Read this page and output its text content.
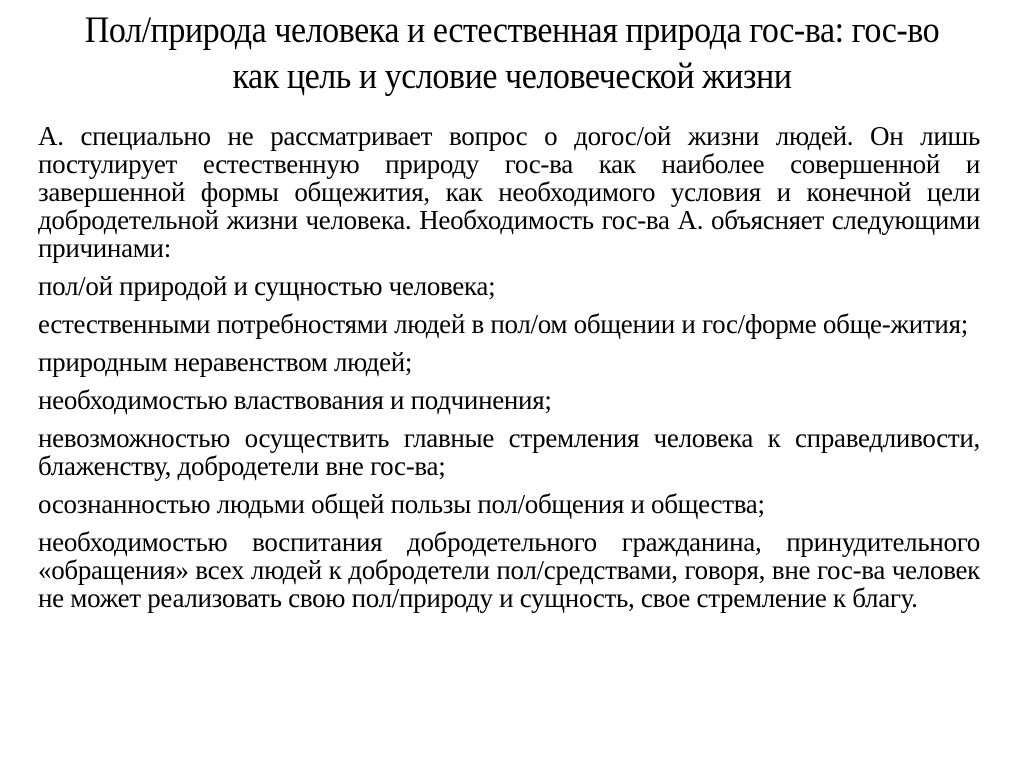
Пол/природа человека и естественная природа гос-ва: гос-во как цель и условие человеческой жизни

А. специально не рассматривает вопрос о догос/ой жизни людей. Он лишь постулирует естественную природу гос-ва как наиболее совершенной и завершенной формы общежития, как необходимого условия и конечной цели добродетельной жизни человека. Необходимость гос-ва А. объясняет следующими причинами:

пол/ой природой и сущностью человека;

естественными потребностями людей в пол/ом общении и гос/форме обще-жития;

природным неравенством людей;

необходимостью властвования и подчинения;

невозможностью осуществить главные стремления человека к справедливости, блаженству, добродетели вне гос-ва;

осознанностью людьми общей пользы пол/общения и общества;

необходимостью воспитания добродетельного гражданина, принудительного «обращения» всех людей к добродетели пол/средствами, говоря, вне гос-ва человек не может реализовать свою пол/природу и сущность, свое стремление к благу.
